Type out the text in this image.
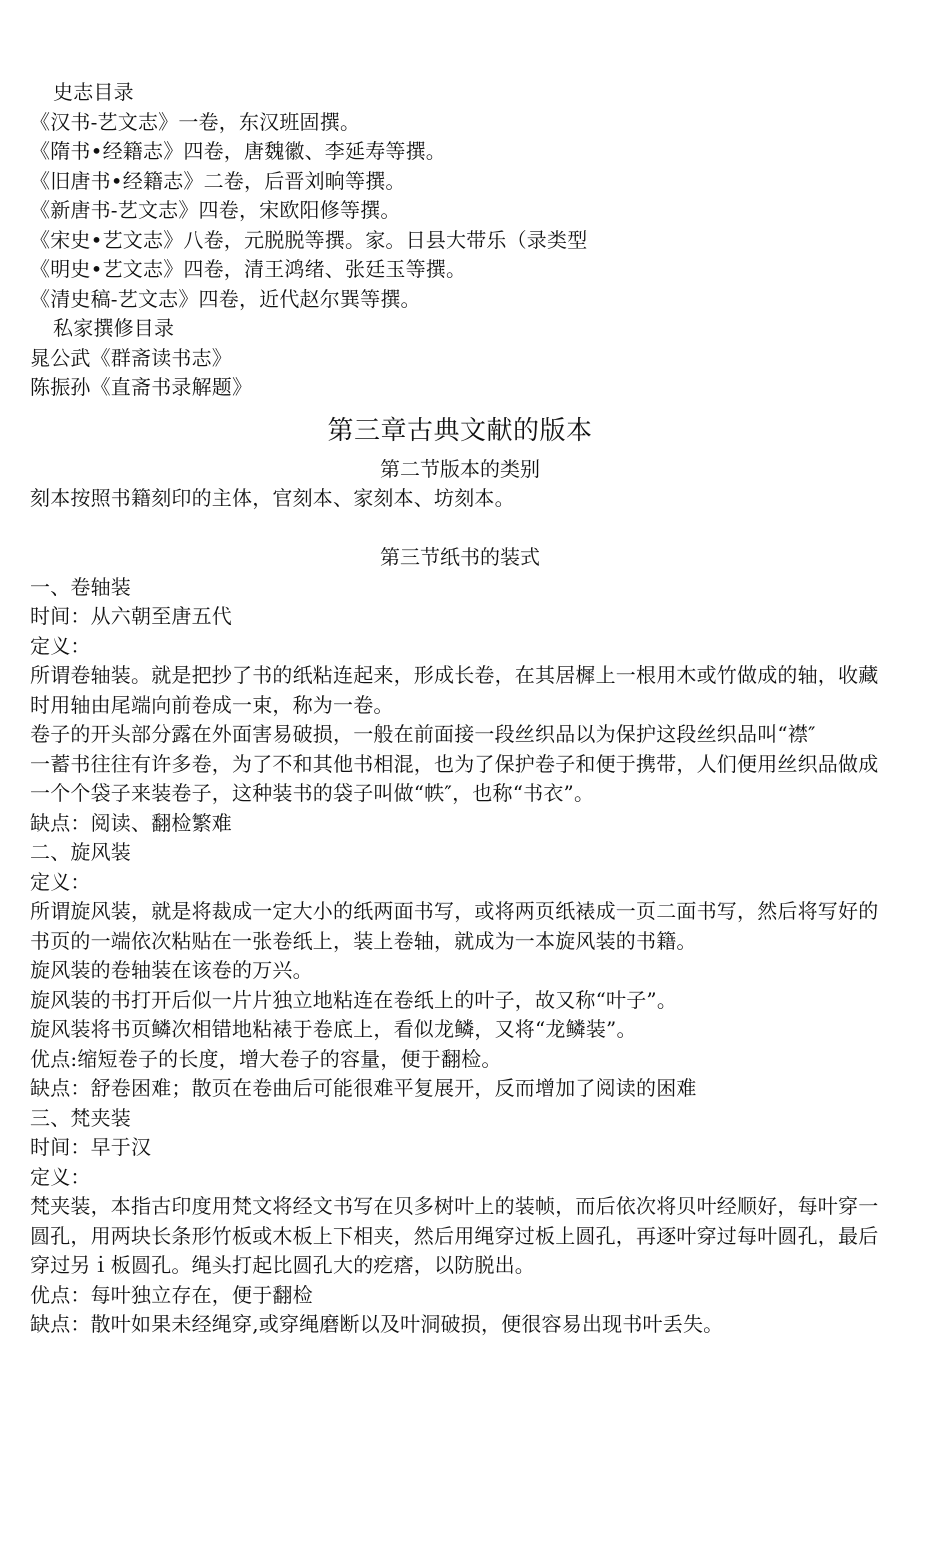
史志目录
《汉书-艺文志》一卷，东汉班固撰。
《隋书•经籍志》四卷，唐魏徽、李延寿等撰。
《旧唐书•经籍志》二卷，后晋刘晌等撰。
《新唐书-艺文志》四卷，宋欧阳修等撰。
《宋史•艺文志》八卷，元脱脱等撰。家。日县大带乐（录类型
《明史•艺文志》四卷，清王鸿绪、张廷玉等撰。
《清史稿-艺文志》四卷，近代赵尔巽等撰。
私家撰修目录
晁公武《群斋读书志》
陈振孙《直斋书录解题》
第三章古典文献的版本
第二节版本的类别
刻本按照书籍刻印的主体，官刻本、家刻本、坊刻本。
第三节纸书的装式
一、卷轴装
时间：从六朝至唐五代
定义：
所谓卷轴装。就是把抄了书的纸粘连起来，形成长卷，在其居樨上一根用木或竹做成的轴，收藏时用轴由尾端向前卷成一束，称为一卷。
卷子的开头部分露在外面害易破损，一般在前面接一段丝织品以为保护这段丝织品叫“襟″
一蓄书往往有许多卷，为了不和其他书相混，也为了保护卷子和便于携带，人们便用丝织品做成一个个袋子来装卷子，这种装书的袋子叫做“帙″，也称“书衣”。
缺点：阅读、翻检繁难
二、旋风装
定义：
所谓旋风装，就是将裁成一定大小的纸两面书写，或将两页纸裱成一页二面书写，然后将写好的书页的一端依次粘贴在一张卷纸上，装上卷轴，就成为一本旋风装的书籍。
旋风装的卷轴装在该卷的万兴。
旋风装的书打开后似一片片独立地粘连在卷纸上的叶子，故又称“叶子”。
旋风装将书页鳞次相错地粘裱于卷底上，看似龙鳞，又将“龙鳞装”。
优点:缩短卷子的长度，增大卷子的容量，便于翻检。
缺点：舒卷困难；散页在卷曲后可能很难平复展开，反而增加了阅读的困难
三、梵夹装
时间：早于汉
定义：
梵夹装，本指古印度用梵文将经文书写在贝多树叶上的装帧，而后依次将贝叶经顺好，每叶穿一圆孔，用两块长条形竹板或木板上下相夹，然后用绳穿过板上圆孔，再逐叶穿过每叶圆孔，最后穿过另ｉ板圆孔。绳头打起比圆孔大的疙瘩，以防脱出。
优点：每叶独立存在，便于翻检
缺点：散叶如果未经绳穿,或穿绳磨断以及叶洞破损，便很容易出现书叶丢失。
